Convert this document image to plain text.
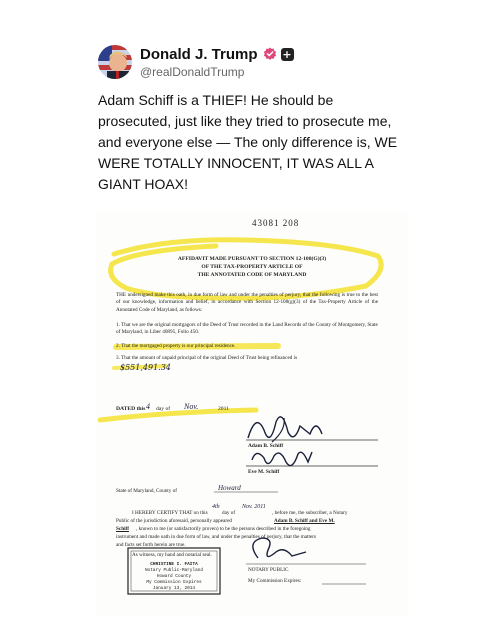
Donald J. Trump +
@realDonaldTrump
Adam Schiff is a THIEF! He should be prosecuted, just like they tried to prosecute me, and everyone else — The only difference is, WE WERE TOTALLY INNOCENT, IT WAS ALL A GIANT HOAX!
43081 208
AFFIDAVIT MADE PURSUANT TO SECTION 12-108(G)(3)
OF THE TAX-PROPERTY ARTICLE OF
THE ANNOTATED CODE OF MARYLAND
THE undersigned make this oath, in due form of law and under the penalties of perjury, that the following is true to the best of our knowledge, information and belief, in accordance with Section 12-108(g)(3) of the Tax-Property Article of the Annotated Code of Maryland, as follows:
1. That we are the original mortgagors of the Deed of Trust recorded in the Land Records of the County of Montgomery, State of Maryland, in Liber 40895, Folio 450.
2. That the mortgaged property is our principal residence.
3. That the amount of unpaid principal of the original Deed of Trust being refinanced is
$551,491.34
DATED this 4 day of Nov.	2011
Adam B. Schiff
Eve M. Schiff
State of Maryland, County of	Howard
I HEREBY CERTIFY THAT on this
4th
day of
Nov. 2011
, before me, the subscriber, a Notary
Public of the jurisdiction aforesaid, personally appeared	Adam B. Schiff and Eve M.
Schiff , known to me (or satisfactorily proven) to be the persons described in the foregoing
instrument and made oath in due form of law, and under the penalties of perjury, that the matters
and facts set forth herein are true.
As witness, my hand and notarial seal.
CHRISTINE I. FAITA
Notary Public-Maryland
Howard County
My Commission Expires
January 13, 2014
NOTARY PUBLIC
My Commission Expires:
